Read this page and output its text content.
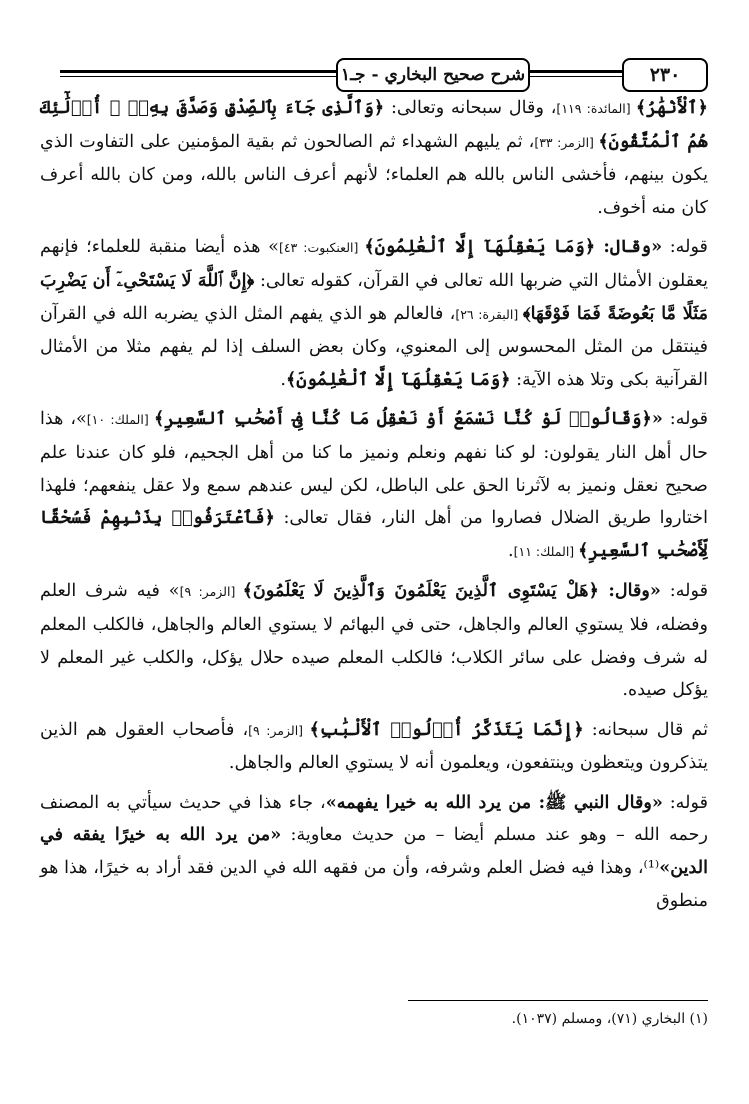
٢٣٠
شرح صحيح البخاري - جـ١

﴿ٱلْأَنْهَٰرُ﴾ [المائدة: ١١٩]، وقال سبحانه وتعالى: ﴿وَٱلَّذِى جَآءَ بِٱلصِّدْقِ وَصَدَّقَ بِهِۦٓ ۙ أُو۟لَٰٓئِكَ هُمُ ٱلْمُتَّقُونَ﴾ [الزمر: ٣٣]، ثم يليهم الشهداء ثم الصالحون ثم بقية المؤمنين على التفاوت الذي يكون بينهم، فأخشى الناس بالله هم العلماء؛ لأنهم أعرف الناس بالله، ومن كان بالله أعرف كان منه أخوف.

قوله: «وقال: ﴿وَمَا يَعْقِلُهَآ إِلَّا ٱلْعَٰلِمُونَ﴾ [العنكبوت: ٤٣]» هذه أيضا منقبة للعلماء؛ فإنهم يعقلون الأمثال التي ضربها الله تعالى في القرآن، كقوله تعالى: ﴿إِنَّ ٱللَّهَ لَا يَسْتَحْىِۦٓ أَن يَضْرِبَ مَثَلًا مَّا بَعُوضَةً فَمَا فَوْقَهَا﴾ [البقرة: ٢٦]، فالعالم هو الذي يفهم المثل الذي يضربه الله في القرآن فينتقل من المثل المحسوس إلى المعنوي، وكان بعض السلف إذا لم يفهم مثلا من الأمثال القرآنية بكى وتلا هذه الآية: ﴿وَمَا يَعْقِلُهَآ إِلَّا ٱلْعَٰلِمُونَ﴾.

قوله: «﴿وَقَالُوا۟ لَوْ كُنَّا نَسْمَعُ أَوْ نَعْقِلُ مَا كُنَّا فِىٓ أَصْحَٰبِ ٱلسَّعِيرِ﴾ [الملك: ١٠]»، هذا حال أهل النار يقولون: لو كنا نفهم ونعلم ونميز ما كنا من أهل الجحيم، فلو كان عندنا علم صحيح نعقل ونميز به لآثرنا الحق على الباطل، لكن ليس عندهم سمع ولا عقل ينفعهم؛ فلهذا اختاروا طريق الضلال فصاروا من أهل النار، فقال تعالى: ﴿فَٱعْتَرَفُوا۟ بِذَنۢبِهِمْ فَسُحْقًا لِّأَصْحَٰبِ ٱلسَّعِيرِ﴾ [الملك: ١١].

قوله: «وقال: ﴿هَلْ يَسْتَوِى ٱلَّذِينَ يَعْلَمُونَ وَٱلَّذِينَ لَا يَعْلَمُونَ﴾ [الزمر: ٩]» فيه شرف العلم وفضله، فلا يستوي العالم والجاهل، حتى في البهائم لا يستوي العالم والجاهل، فالكلب المعلم له شرف وفضل على سائر الكلاب؛ فالكلب المعلم صيده حلال يؤكل، والكلب غير المعلم لا يؤكل صيده.

ثم قال سبحانه: ﴿إِنَّمَا يَتَذَكَّرُ أُو۟لُوا۟ ٱلْأَلْبَٰبِ﴾ [الزمر: ٩]، فأصحاب العقول هم الذين يتذكرون ويتعظون وينتفعون، ويعلمون أنه لا يستوي العالم والجاهل.

قوله: «وقال النبي ﷺ: من يرد الله به خيرا يفهمه»، جاء هذا في حديث سيأتي به المصنف رحمه الله – وهو عند مسلم أيضا – من حديث معاوية: «من يرد الله به خيرًا يفقه في الدين»⁽¹⁾، وهذا فيه فضل العلم وشرفه، وأن من فقهه الله في الدين فقد أراد به خيرًا، هذا هو منطوق

(١) البخاري (٧١)، ومسلم (١٠٣٧).
